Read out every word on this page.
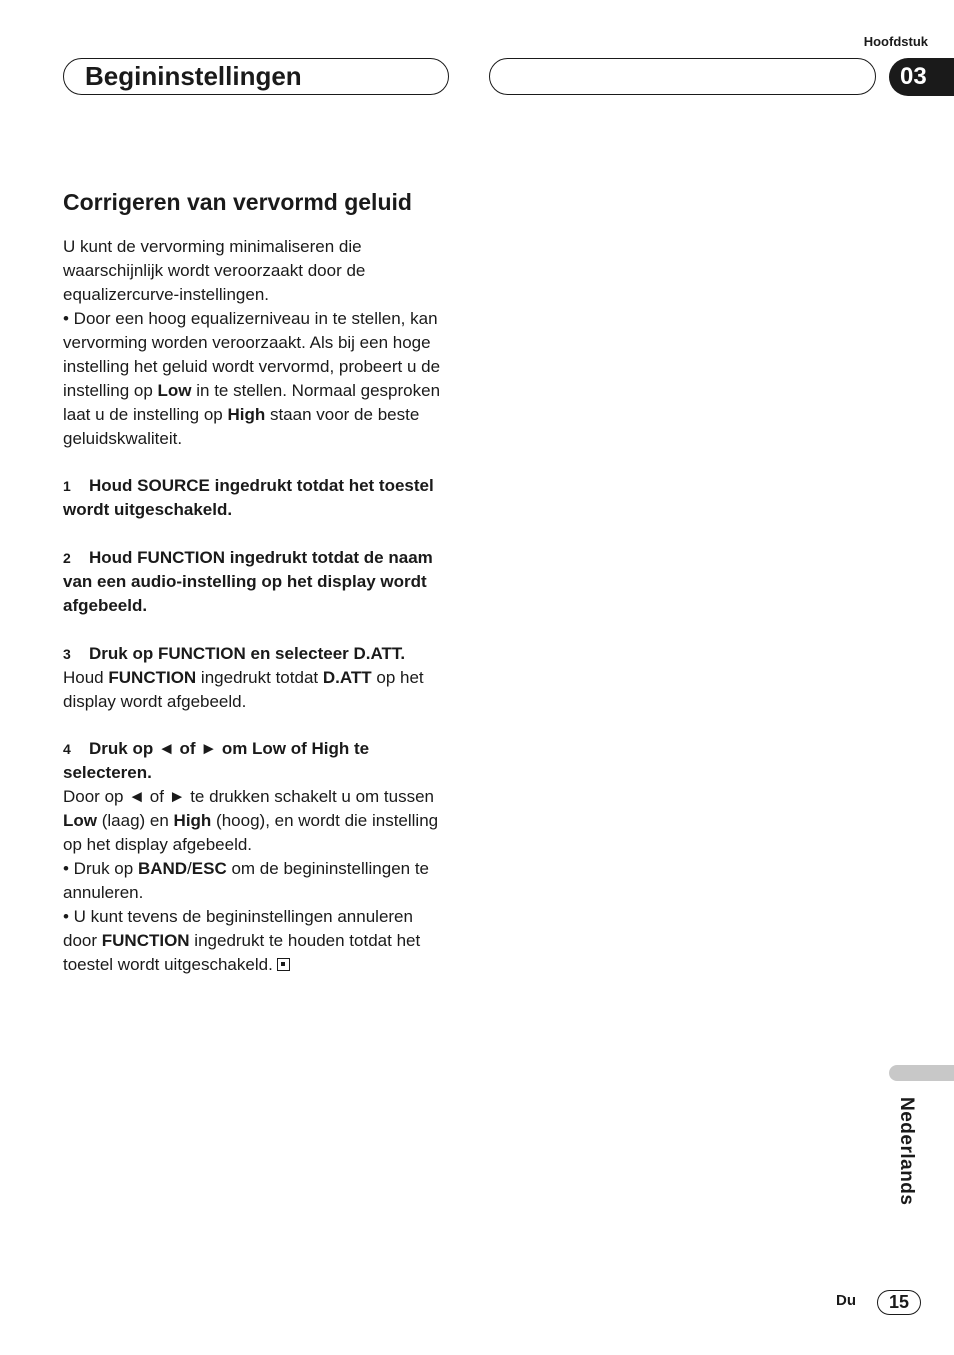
Hoofdstuk
Begininstellingen	03
Corrigeren van vervormd geluid

U kunt de vervorming minimaliseren die waarschijnlijk wordt veroorzaakt door de equalizercurve-instellingen.
• Door een hoog equalizerniveau in te stellen, kan vervorming worden veroorzaakt. Als bij een hoge instelling het geluid wordt vervormd, probeert u de instelling op Low in te stellen. Normaal gesproken laat u de instelling op High staan voor de beste geluidskwaliteit.

1 Houd SOURCE ingedrukt totdat het toestel wordt uitgeschakeld.

2 Houd FUNCTION ingedrukt totdat de naam van een audio-instelling op het display wordt afgebeeld.

3 Druk op FUNCTION en selecteer D.ATT.
Houd FUNCTION ingedrukt totdat D.ATT op het display wordt afgebeeld.
4 Druk op ◄ of ► om Low of High te selecteren.
Door op ◄ of ► te drukken schakelt u om tussen Low (laag) en High (hoog), en wordt die instelling op het display afgebeeld.
• Druk op BAND/ESC om de begininstellingen te annuleren.
• U kunt tevens de begininstellingen annuleren door FUNCTION ingedrukt te houden totdat het toestel wordt uitgeschakeld.
Nederlands
Du	15
